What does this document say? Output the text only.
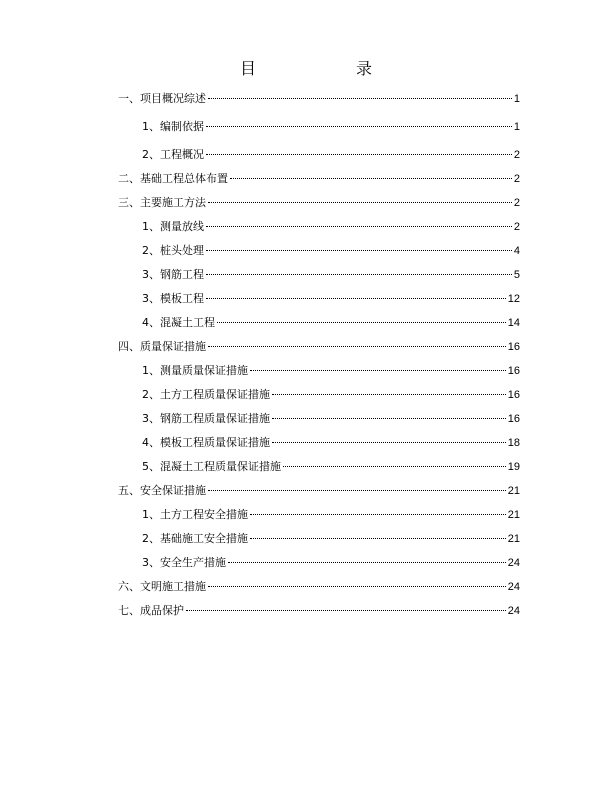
目　录
一、项目概况综述	1
1、编制依据	1
2、工程概况	2
二、基础工程总体布置	2
三、主要施工方法	2
1、测量放线	2
2、桩头处理	4
3、钢筋工程	5
3、模板工程	12
4、混凝土工程	14
四、质量保证措施	16
1、测量质量保证措施	16
2、土方工程质量保证措施	16
3、钢筋工程质量保证措施	16
4、模板工程质量保证措施	18
5、混凝土工程质量保证措施	19
五、安全保证措施	21
1、土方工程安全措施	21
2、基础施工安全措施	21
3、安全生产措施	24
六、文明施工措施	24
七、成品保护	24
